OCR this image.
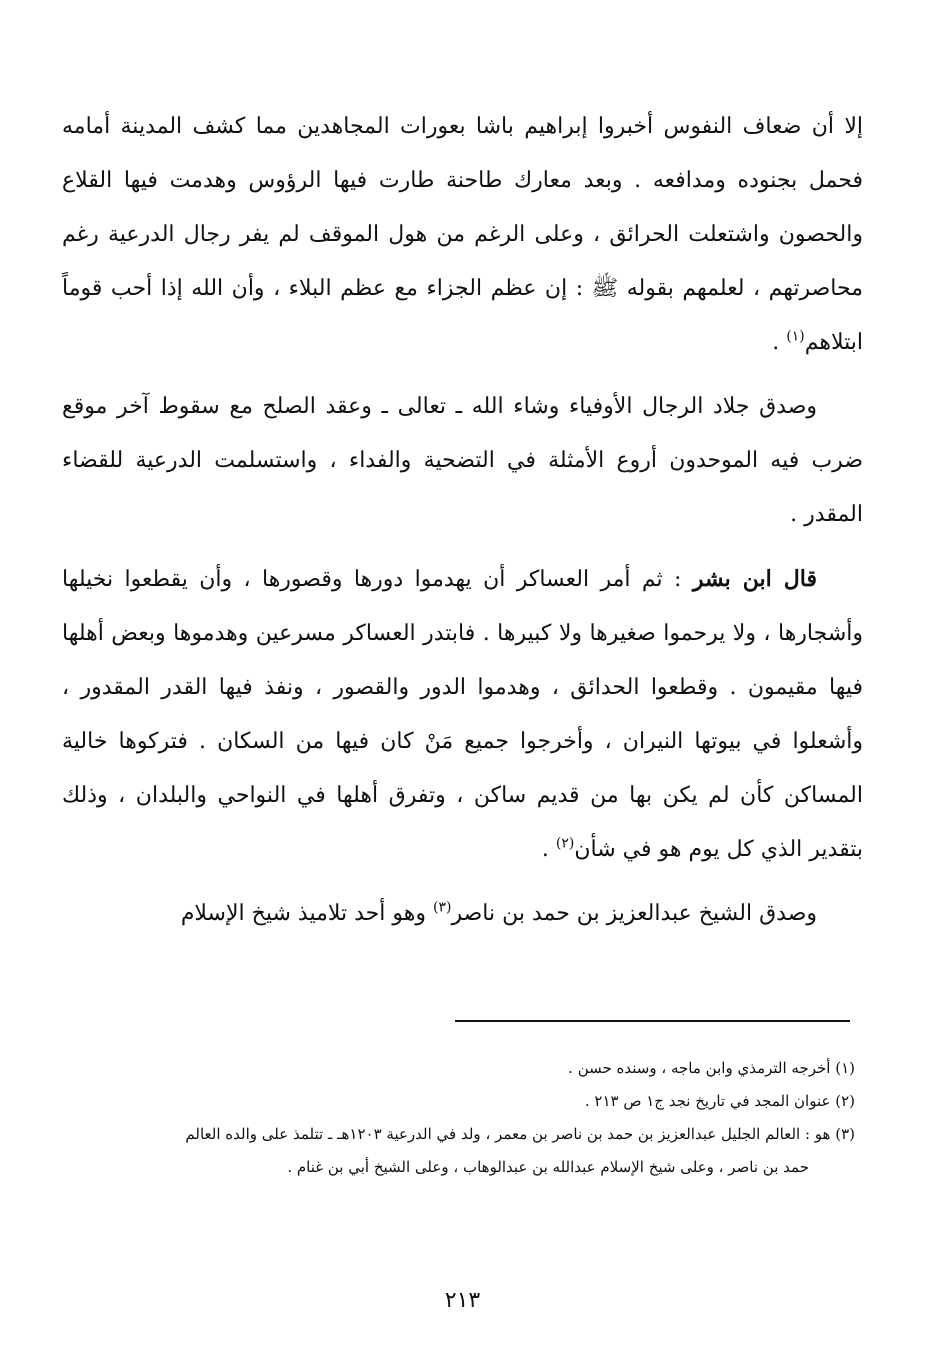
إلا أن ضعاف النفوس أخبروا إبراهيم باشا بعورات المجاهدين مما كشف المدينة أمامه فحمل بجنوده ومدافعه . وبعد معارك طاحنة طارت فيها الرؤوس وهدمت فيها القلاع والحصون واشتعلت الحرائق ، وعلى الرغم من هول الموقف لم يفر رجال الدرعية رغم محاصرتهم ، لعلمهم بقوله ﷺ : إن عظم الجزاء مع عظم البلاء ، وأن الله إذا أحب قوماً ابتلاهم$^{(١)}$ .

وصدق جلاد الرجال الأوفياء وشاء الله ـ تعالى ـ وعقد الصلح مع سقوط آخر موقع ضرب فيه الموحدون أروع الأمثلة في التضحية والفداء ، واستسلمت الدرعية للقضاء المقدر .

قال ابن بشر : ثم أمر العساكر أن يهدموا دورها وقصورها ، وأن يقطعوا نخيلها وأشجارها ، ولا يرحموا صغيرها ولا كبيرها . فابتدر العساكر مسرعين وهدموها وبعض أهلها فيها مقيمون . وقطعوا الحدائق ، وهدموا الدور والقصور ، ونفذ فيها القدر المقدور ، وأشعلوا في بيوتها النيران ، وأخرجوا جميع مَنْ كان فيها من السكان . فتركوها خالية المساكن كأن لم يكن بها من قديم ساكن ، وتفرق أهلها في النواحي والبلدان ، وذلك بتقدير الذي كل يوم هو في شأن$^{(٢)}$ .

وصدق الشيخ عبدالعزيز بن حمد بن ناصر$^{(٣)}$ وهو أحد تلاميذ شيخ الإسلام

(١) أخرجه الترمذي وابن ماجه ، وسنده حسن .

(٢) عنوان المجد في تاريخ نجد ج١ ص ٢١٣ .

(٣) هو : العالم الجليل عبدالعزيز بن حمد بن ناصر بن معمر ، ولد في الدرعية ١٢٠٣هـ ـ تتلمذ على والده العالم

حمد بن ناصر ، وعلى شيخ الإسلام عبدالله بن عبدالوهاب ، وعلى الشيخ أبي بن غنام .

٢١٣
